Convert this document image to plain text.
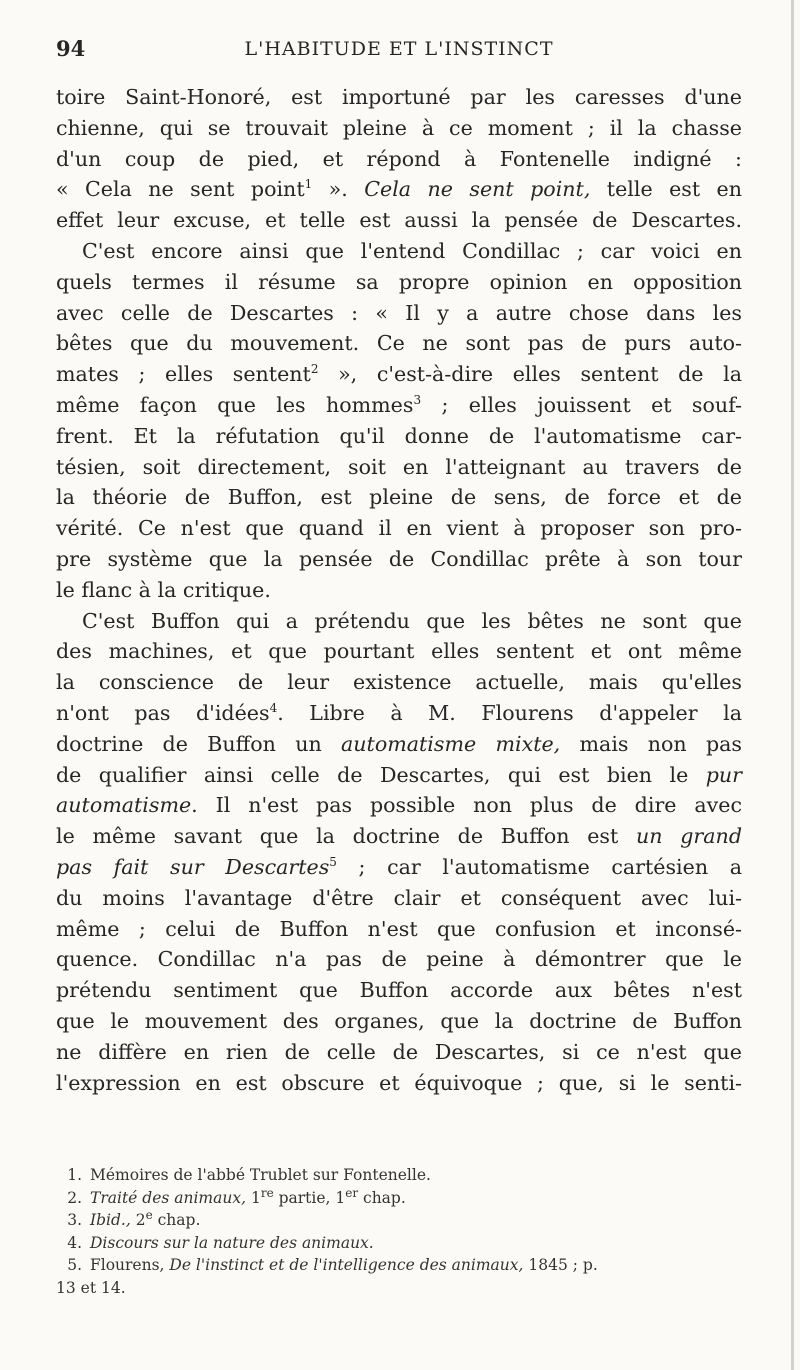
94	L'HABITUDE ET L'INSTINCT
toire Saint-Honoré, est importuné par les caresses d'une
chienne, qui se trouvait pleine à ce moment ; il la chasse
d'un coup de pied, et répond à Fontenelle indigné :
« Cela ne sent point$^1$ ». Cela ne sent point, telle est en
effet leur excuse, et telle est aussi la pensée de Descartes.
C'est encore ainsi que l'entend Condillac ; car voici en
quels termes il résume sa propre opinion en opposition
avec celle de Descartes : « Il y a autre chose dans les
bêtes que du mouvement. Ce ne sont pas de purs auto-
mates ; elles sentent$^2$ », c'est-à-dire elles sentent de la
même façon que les hommes$^3$ ; elles jouissent et souf-
frent. Et la réfutation qu'il donne de l'automatisme car-
tésien, soit directement, soit en l'atteignant au travers de
la théorie de Buffon, est pleine de sens, de force et de
vérité. Ce n'est que quand il en vient à proposer son pro-
pre système que la pensée de Condillac prête à son tour
le flanc à la critique.
C'est Buffon qui a prétendu que les bêtes ne sont que
des machines, et que pourtant elles sentent et ont même
la conscience de leur existence actuelle, mais qu'elles
n'ont pas d'idées$^4$. Libre à M. Flourens d'appeler la
doctrine de Buffon un automatisme mixte, mais non pas
de qualifier ainsi celle de Descartes, qui est bien le pur
automatisme. Il n'est pas possible non plus de dire avec
le même savant que la doctrine de Buffon est un grand
pas fait sur Descartes$^5$ ; car l'automatisme cartésien a
du moins l'avantage d'être clair et conséquent avec lui-
même ; celui de Buffon n'est que confusion et inconsé-
quence. Condillac n'a pas de peine à démontrer que le
prétendu sentiment que Buffon accorde aux bêtes n'est
que le mouvement des organes, que la doctrine de Buffon
ne diffère en rien de celle de Descartes, si ce n'est que
l'expression en est obscure et équivoque ; que, si le senti-
1. Mémoires de l'abbé Trublet sur Fontenelle.
2. Traité des animaux, 1re partie, 1er chap.
3. Ibid., 2e chap.
4. Discours sur la nature des animaux.
5. Flourens, De l'instinct et de l'intelligence des animaux, 1845 ; p.
13 et 14.
